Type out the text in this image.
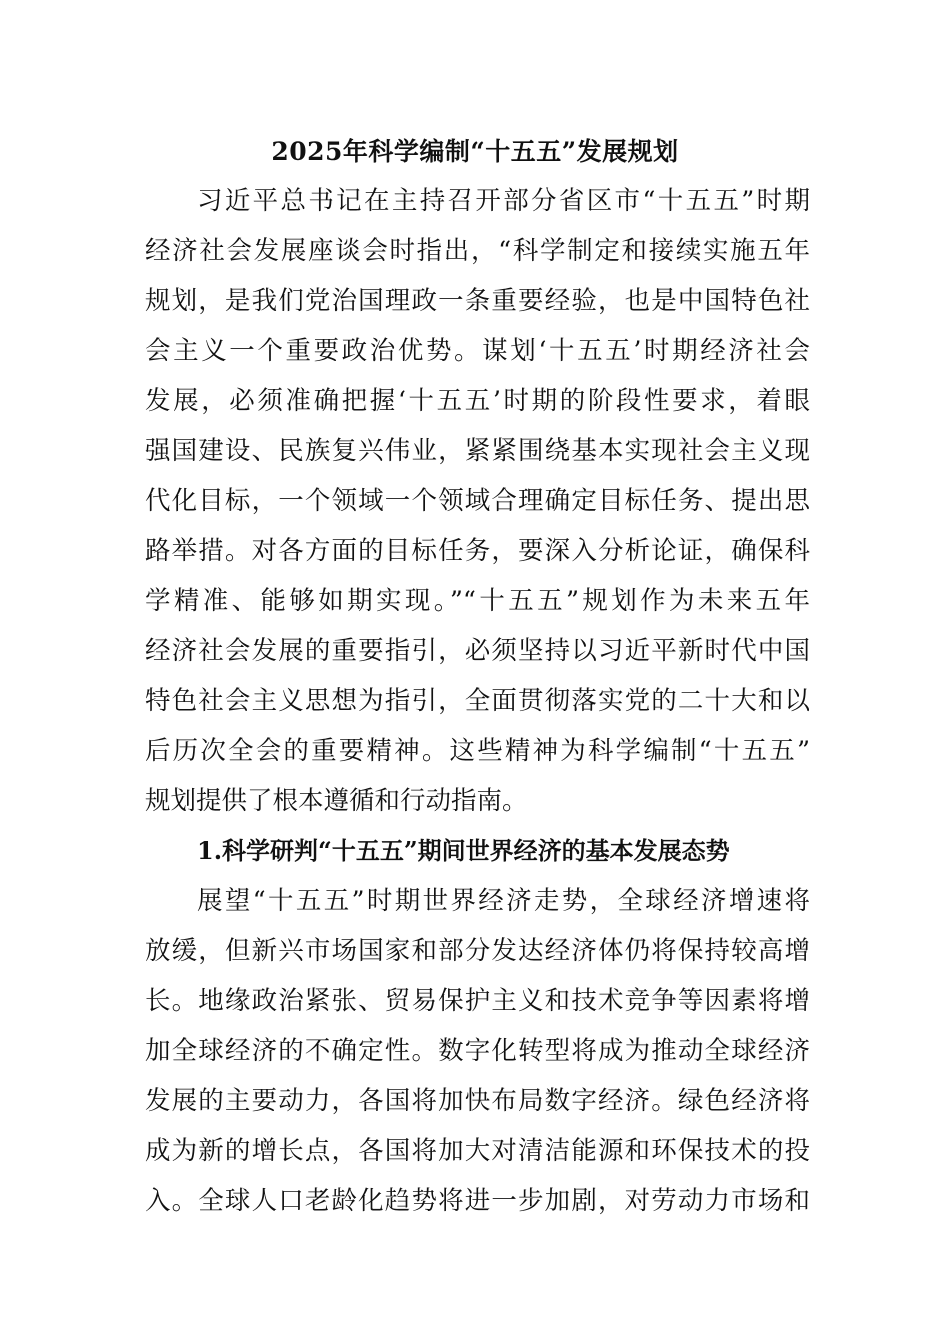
2025年科学编制“十五五”发展规划
习近平总书记在主持召开部分省区市“十五五”时期
经济社会发展座谈会时指出，“科学制定和接续实施五年
规划，是我们党治国理政一条重要经验，也是中国特色社
会主义一个重要政治优势。谋划‘十五五’时期经济社会
发展，必须准确把握‘十五五’时期的阶段性要求，着眼
强国建设、民族复兴伟业，紧紧围绕基本实现社会主义现
代化目标，一个领域一个领域合理确定目标任务、提出思
路举措。对各方面的目标任务，要深入分析论证，确保科
学精准、能够如期实现。”“十五五”规划作为未来五年
经济社会发展的重要指引，必须坚持以习近平新时代中国
特色社会主义思想为指引，全面贯彻落实党的二十大和以
后历次全会的重要精神。这些精神为科学编制“十五五”
规划提供了根本遵循和行动指南。
1.科学研判“十五五”期间世界经济的基本发展态势
展望“十五五”时期世界经济走势，全球经济增速将
放缓，但新兴市场国家和部分发达经济体仍将保持较高增
长。地缘政治紧张、贸易保护主义和技术竞争等因素将增
加全球经济的不确定性。数字化转型将成为推动全球经济
发展的主要动力，各国将加快布局数字经济。绿色经济将
成为新的增长点，各国将加大对清洁能源和环保技术的投
入。全球人口老龄化趋势将进一步加剧，对劳动力市场和
